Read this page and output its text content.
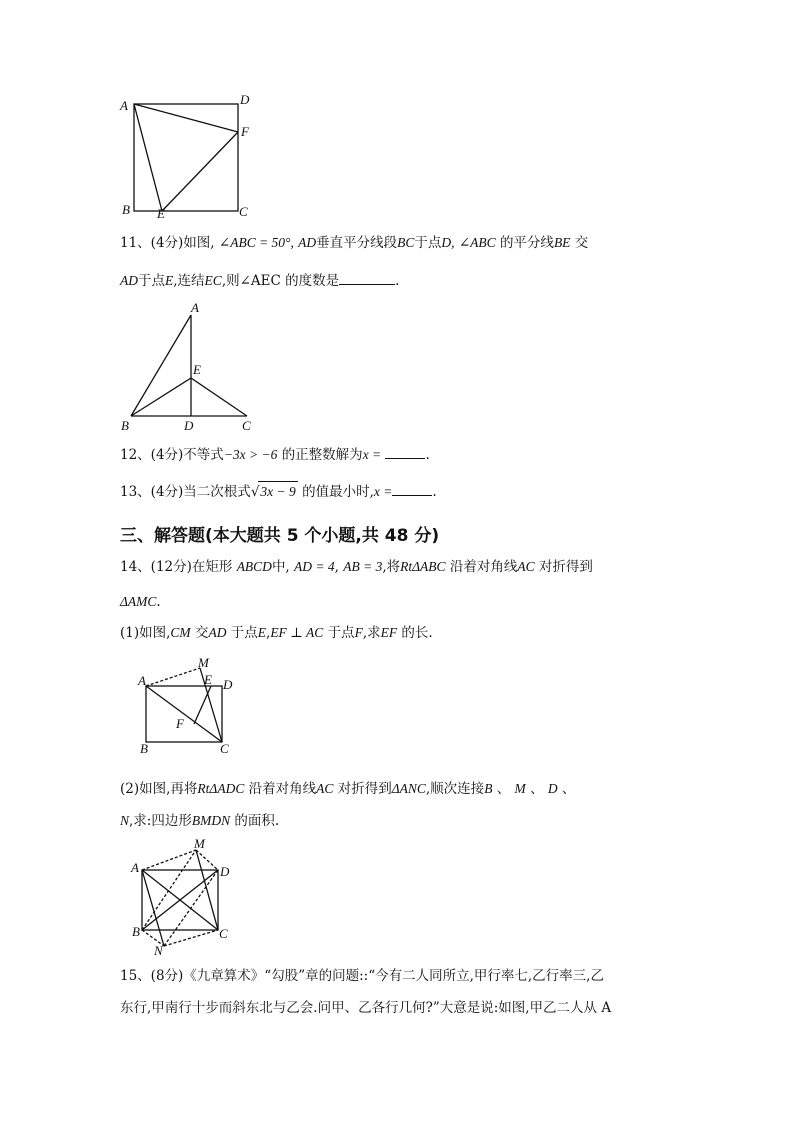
A	D
F
B E	C
11、(4分)如图, ∠ABC = 50°, AD垂直平分线段BC于点D, ∠ABC 的平分线BE 交
AD于点E,连结EC,则∠AEC 的度数是	.
A
E
B	D	C
12、(4分)不等式−3x > −6 的正整数解为x =	.
13、(4分)当二次根式√3x − 9 的值最小时,x =	.
三、解答题(本大题共 5 个小题,共 48 分)
14、(12分)在矩形 ABCD中, AD = 4, AB = 3,将RtΔABC 沿着对角线AC 对折得到
ΔAMC.
(1)如图,CM 交AD 于点E,EF ⊥ AC 于点F,求EF 的长.
M
A	E D
F
B	C
(2)如图,再将RtΔADC 沿着对角线AC 对折得到ΔANC,顺次连接B 、 M 、 D 、
N,求:四边形BMDN 的面积.
M
A	D
B
N
C
15、(8分)《九章算术》“勾股”章的问题::“今有二人同所立,甲行率七,乙行率三,乙
东行,甲南行十步而斜东北与乙会.问甲、乙各行几何?”大意是说:如图,甲乙二人从 A
